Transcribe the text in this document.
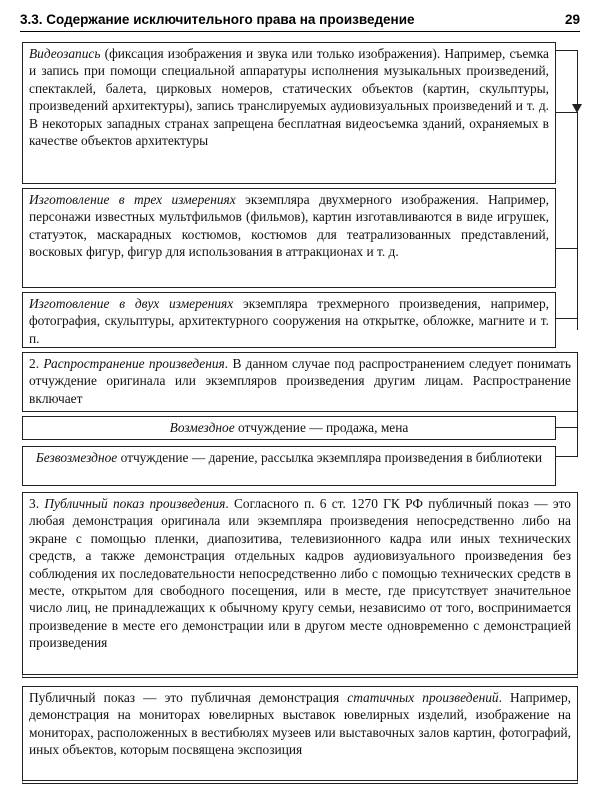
3.3. Содержание исключительного права на произведение	29
Видеозапись (фиксация изображения и звука или только изображения). Например, съемка и запись при помощи специальной аппаратуры исполнения музыкальных произведений, спектаклей, балета, цирковых номеров, статических объектов (картин, скульптуры, произведений архитектуры), запись транслируемых аудиовизуальных произведений и т. д. В некоторых западных странах запрещена бесплатная видеосъемка зданий, охраняемых в качестве объектов архитектуры
Изготовление в трех измерениях экземпляра двухмерного изображения. Например, персонажи известных мультфильмов (фильмов), картин изготавливаются в виде игрушек, статуэток, маскарадных костюмов, костюмов для театрализованных представлений, восковых фигур, фигур для использования в аттракционах и т. д.
Изготовление в двух измерениях экземпляра трехмерного произведения, например, фотография, скульптуры, архитектурного сооружения на открытке, обложке, магните и т. п.
2. Распространение произведения. В данном случае под распространением следует понимать отчуждение оригинала или экземпляров произведения другим лицам. Распространение включает
Возмездное отчуждение — продажа, мена
Безвозмездное отчуждение — дарение, рассылка экземпляра произведения в библиотеки
3. Публичный показ произведения. Согласного п. 6 ст. 1270 ГК РФ публичный показ — это любая демонстрация оригинала или экземпляра произведения непосредственно либо на экране с помощью пленки, диапозитива, телевизионного кадра или иных технических средств, а также демонстрация отдельных кадров аудиовизуального произведения без соблюдения их последовательности непосредственно либо с помощью технических средств в месте, открытом для свободного посещения, или в месте, где присутствует значительное число лиц, не принадлежащих к обычному кругу семьи, независимо от того, воспринимается произведение в месте его демонстрации или в другом месте одновременно с демонстрацией произведения
Публичный показ — это публичная демонстрация статичных произведений. Например, демонстрация на мониторах ювелирных выставок ювелирных изделий, изображение на мониторах, расположенных в вестибюлях музеев или выставочных залов картин, фотографий, иных объектов, которым посвящена экспозиция
